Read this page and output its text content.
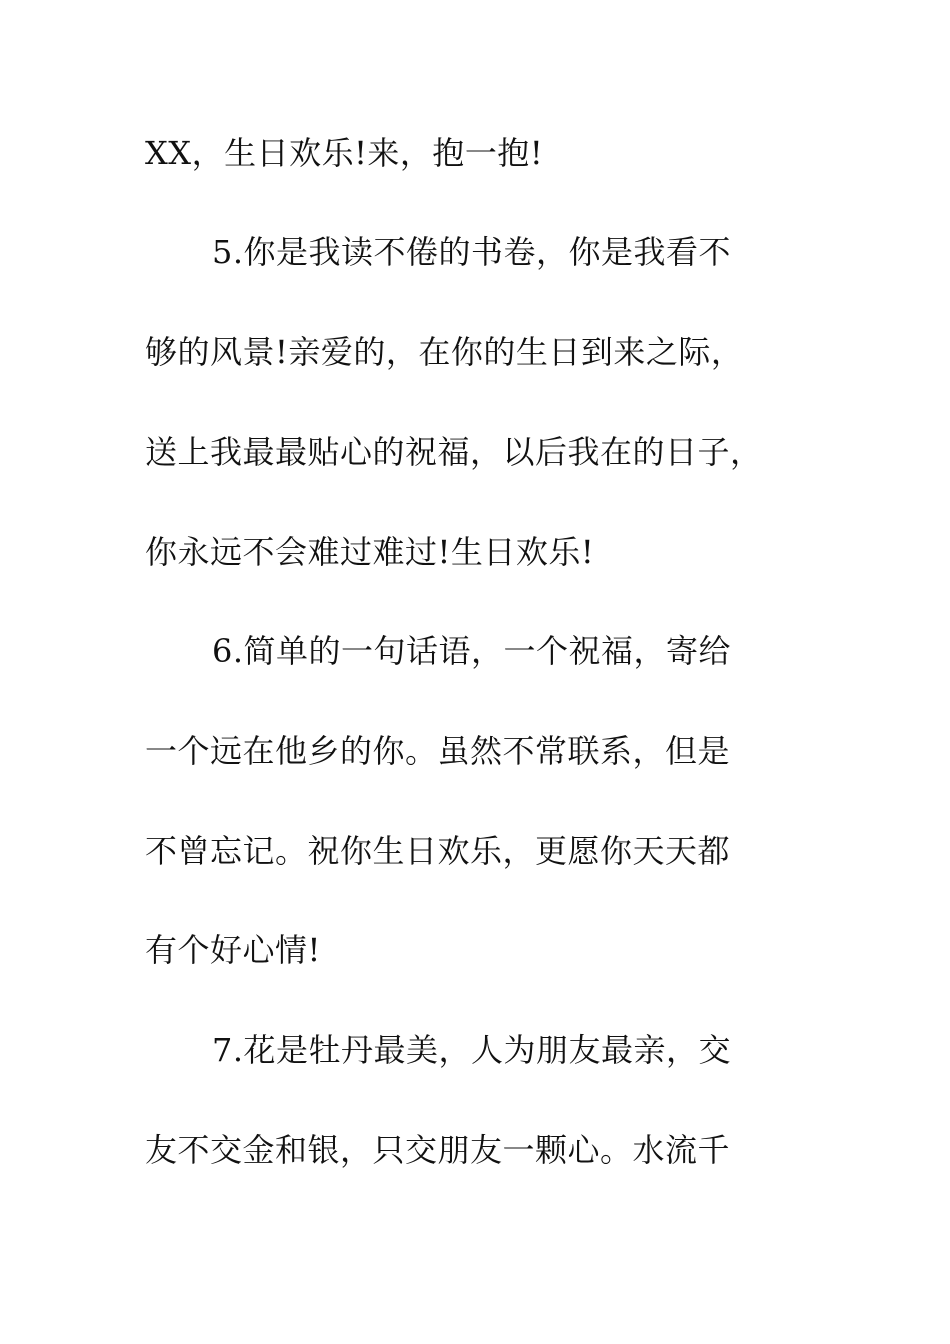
XX，生日欢乐!来，抱一抱!

5.你是我读不倦的书卷，你是我看不

够的风景!亲爱的，在你的生日到来之际，

送上我最最贴心的祝福，以后我在的日子，

你永远不会难过难过!生日欢乐!

6.简单的一句话语，一个祝福，寄给

一个远在他乡的你。虽然不常联系，但是

不曾忘记。祝你生日欢乐，更愿你天天都

有个好心情!

7.花是牡丹最美，人为朋友最亲，交

友不交金和银，只交朋友一颗心。水流千
